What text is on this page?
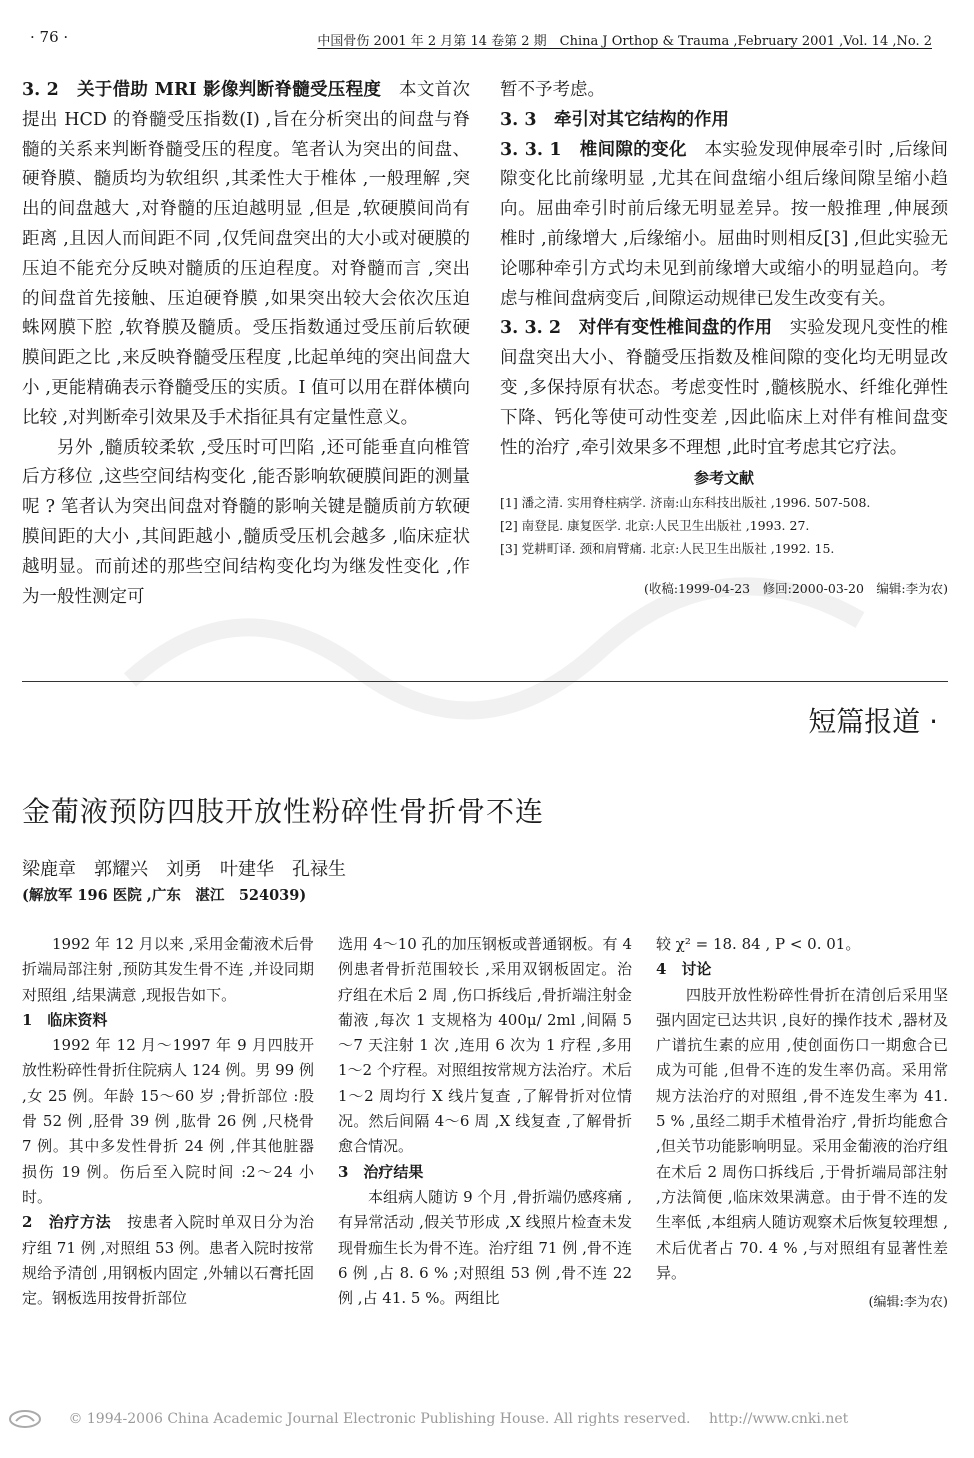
· 76 ·	中国骨伤 2001 年 2 月第 14 卷第 2 期　China J Orthop & Trauma ,February 2001 ,Vol. 14 ,No. 2

3. 2　关于借助 MRI 影像判断脊髓受压程度　本文首次提出 HCD 的脊髓受压指数(I) ,旨在分析突出的间盘与脊髓的关系来判断脊髓受压的程度。笔者认为突出的间盘、硬脊膜、髓质均为软组织 ,其柔性大于椎体 ,一般理解 ,突出的间盘越大 ,对脊髓的压迫越明显 ,但是 ,软硬膜间尚有距离 ,且因人而间距不同 ,仅凭间盘突出的大小或对硬膜的压迫不能充分反映对髓质的压迫程度。对脊髓而言 ,突出的间盘首先接触、压迫硬脊膜 ,如果突出较大会依次压迫蛛网膜下腔 ,软脊膜及髓质。受压指数通过受压前后软硬膜间距之比 ,来反映脊髓受压程度 ,比起单纯的突出间盘大小 ,更能精确表示脊髓受压的实质。I 值可以用在群体横向比较 ,对判断牵引效果及手术指征具有定量性意义。

另外 ,髓质较柔软 ,受压时可凹陷 ,还可能垂直向椎管后方移位 ,这些空间结构变化 ,能否影响软硬膜间距的测量呢 ? 笔者认为突出间盘对脊髓的影响关键是髓质前方软硬膜间距的大小 ,其间距越小 ,髓质受压机会越多 ,临床症状越明显。而前述的那些空间结构变化均为继发性变化 ,作为一般性测定可

暂不予考虑。

3. 3　牵引对其它结构的作用

3. 3. 1　椎间隙的变化　本实验发现伸展牵引时 ,后缘间隙变化比前缘明显 ,尤其在间盘缩小组后缘间隙呈缩小趋向。屈曲牵引时前后缘无明显差异。按一般推理 ,伸展颈椎时 ,前缘增大 ,后缘缩小。屈曲时则相反[3] ,但此实验无论哪种牵引方式均未见到前缘增大或缩小的明显趋向。考虑与椎间盘病变后 ,间隙运动规律已发生改变有关。

3. 3. 2　对伴有变性椎间盘的作用　实验发现凡变性的椎间盘突出大小、脊髓受压指数及椎间隙的变化均无明显改变 ,多保持原有状态。考虑变性时 ,髓核脱水、纤维化弹性下降、钙化等使可动性变差 ,因此临床上对伴有椎间盘变性的治疗 ,牵引效果多不理想 ,此时宜考虑其它疗法。

参考文献
[1] 潘之清. 实用脊柱病学. 济南:山东科技出版社 ,1996. 507-508.
[2] 南登昆. 康复医学. 北京:人民卫生出版社 ,1993. 27.
[3] 党耕町译. 颈和肩臂痛. 北京:人民卫生出版社 ,1992. 15.
(收稿:1999-04-23　修回:2000-03-20　编辑:李为农)
短篇报道 ·
金葡液预防四肢开放性粉碎性骨折骨不连
梁鹿章　郭耀兴　刘勇　叶建华　孔禄生
(解放军 196 医院 ,广东　湛江　524039)

1992 年 12 月以来 ,采用金葡液术后骨折端局部注射 ,预防其发生骨不连 ,并设同期对照组 ,结果满意 ,现报告如下。

1　临床资料

1992 年 12 月～1997 年 9 月四肢开放性粉碎性骨折住院病人 124 例。男 99 例 ,女 25 例。年龄 15～60 岁 ;骨折部位 :股骨 52 例 ,胫骨 39 例 ,肱骨 26 例 ,尺桡骨 7 例。其中多发性骨折 24 例 ,伴其他脏器损伤 19 例。伤后至入院时间 :2～24 小时。

2　治疗方法　按患者入院时单双日分为治疗组 71 例 ,对照组 53 例。患者入院时按常规给予清创 ,用钢板内固定 ,外辅以石膏托固定。钢板选用按骨折部位

选用 4～10 孔的加压钢板或普通钢板。有 4 例患者骨折范围较长 ,采用双钢板固定。治疗组在术后 2 周 ,伤口拆线后 ,骨折端注射金葡液 ,每次 1 支规格为 400μ/ 2ml ,间隔 5～7 天注射 1 次 ,连用 6 次为 1 疗程 ,多用 1～2 个疗程。对照组按常规方法治疗。术后 1～2 周均行 X 线片复查 ,了解骨折对位情况。然后间隔 4～6 周 ,X 线复查 ,了解骨折愈合情况。

3　治疗结果

本组病人随访 9 个月 ,骨折端仍感疼痛 ,有异常活动 ,假关节形成 ,X 线照片检查未发现骨痂生长为骨不连。治疗组 71 例 ,骨不连 6 例 ,占 8. 6 % ;对照组 53 例 ,骨不连 22 例 ,占 41. 5 %。两组比

较 χ² = 18. 84 , P < 0. 01。

4　讨论

四肢开放性粉碎性骨折在清创后采用坚强内固定已达共识 ,良好的操作技术 ,器材及广谱抗生素的应用 ,使创面伤口一期愈合已成为可能 ,但骨不连的发生率仍高。采用常规方法治疗的对照组 ,骨不连发生率为 41. 5 % ,虽经二期手术植骨治疗 ,骨折均能愈合 ,但关节功能影响明显。采用金葡液的治疗组在术后 2 周伤口拆线后 ,于骨折端局部注射 ,方法简便 ,临床效果满意。由于骨不连的发生率低 ,本组病人随访观察术后恢复较理想 ,术后优者占 70. 4 % ,与对照组有显著性差异。

(编辑:李为农)
© 1994-2006 China Academic Journal Electronic Publishing House. All rights reserved.　 http://www.cnki.net
